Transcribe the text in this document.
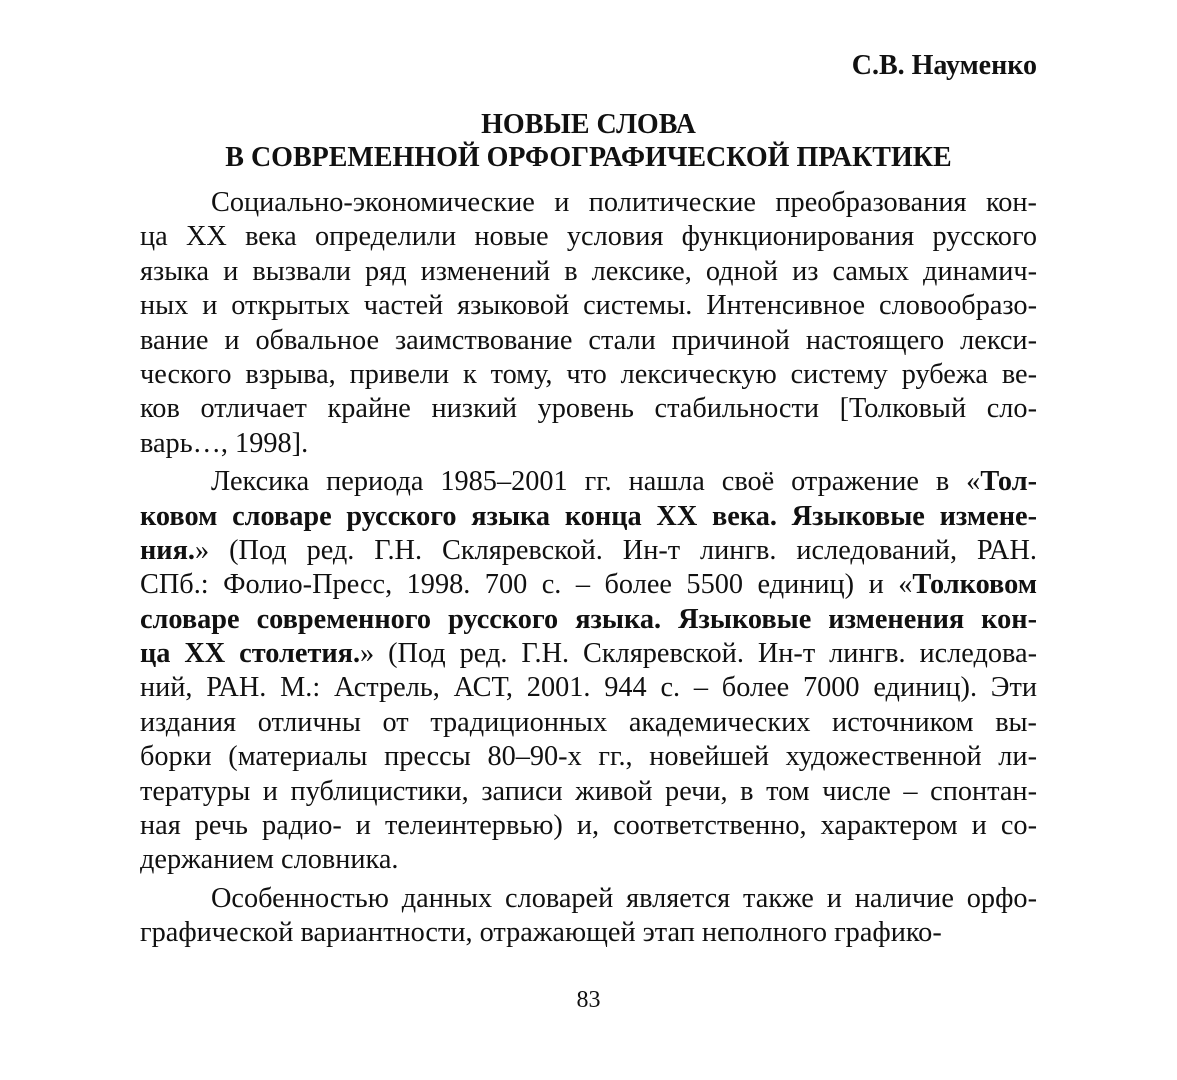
С.В. Науменко

НОВЫЕ СЛОВА
В СОВРЕМЕННОЙ ОРФОГРАФИЧЕСКОЙ ПРАКТИКЕ
Социально-экономические и политические преобразования кон-
ца XX века определили новые условия функционирования русского
языка и вызвали ряд изменений в лексике, одной из самых динамич-
ных и открытых частей языковой системы. Интенсивное словообразо-
вание и обвальное заимствование стали причиной настоящего лекси-
ческого взрыва, привели к тому, что лексическую систему рубежа ве-
ков отличает крайне низкий уровень стабильности [Толковый сло-
варь…, 1998].
Лексика периода 1985–2001 гг. нашла своё отражение в «Тол-
ковом словаре русского языка конца XX века. Языковые измене-
ния.» (Под ред. Г.Н. Скляревской. Ин-т лингв. иследований, РАН.
СПб.: Фолио-Пресс, 1998. 700 с. – более 5500 единиц) и «Толковом
словаре современного русского языка. Языковые изменения кон-
ца XX столетия.» (Под ред. Г.Н. Скляревской. Ин-т лингв. иследова-
ний, РАН. М.: Астрель, АСТ, 2001. 944 с. – более 7000 единиц). Эти
издания отличны от традиционных академических источником вы-
борки (материалы прессы 80–90-х гг., новейшей художественной ли-
тературы и публицистики, записи живой речи, в том числе – спонтан-
ная речь радио- и телеинтервью) и, соответственно, характером и со-
держанием словника.
Особенностью данных словарей является также и наличие орфо-
графической вариантности, отражающей этап неполного графико-

83
